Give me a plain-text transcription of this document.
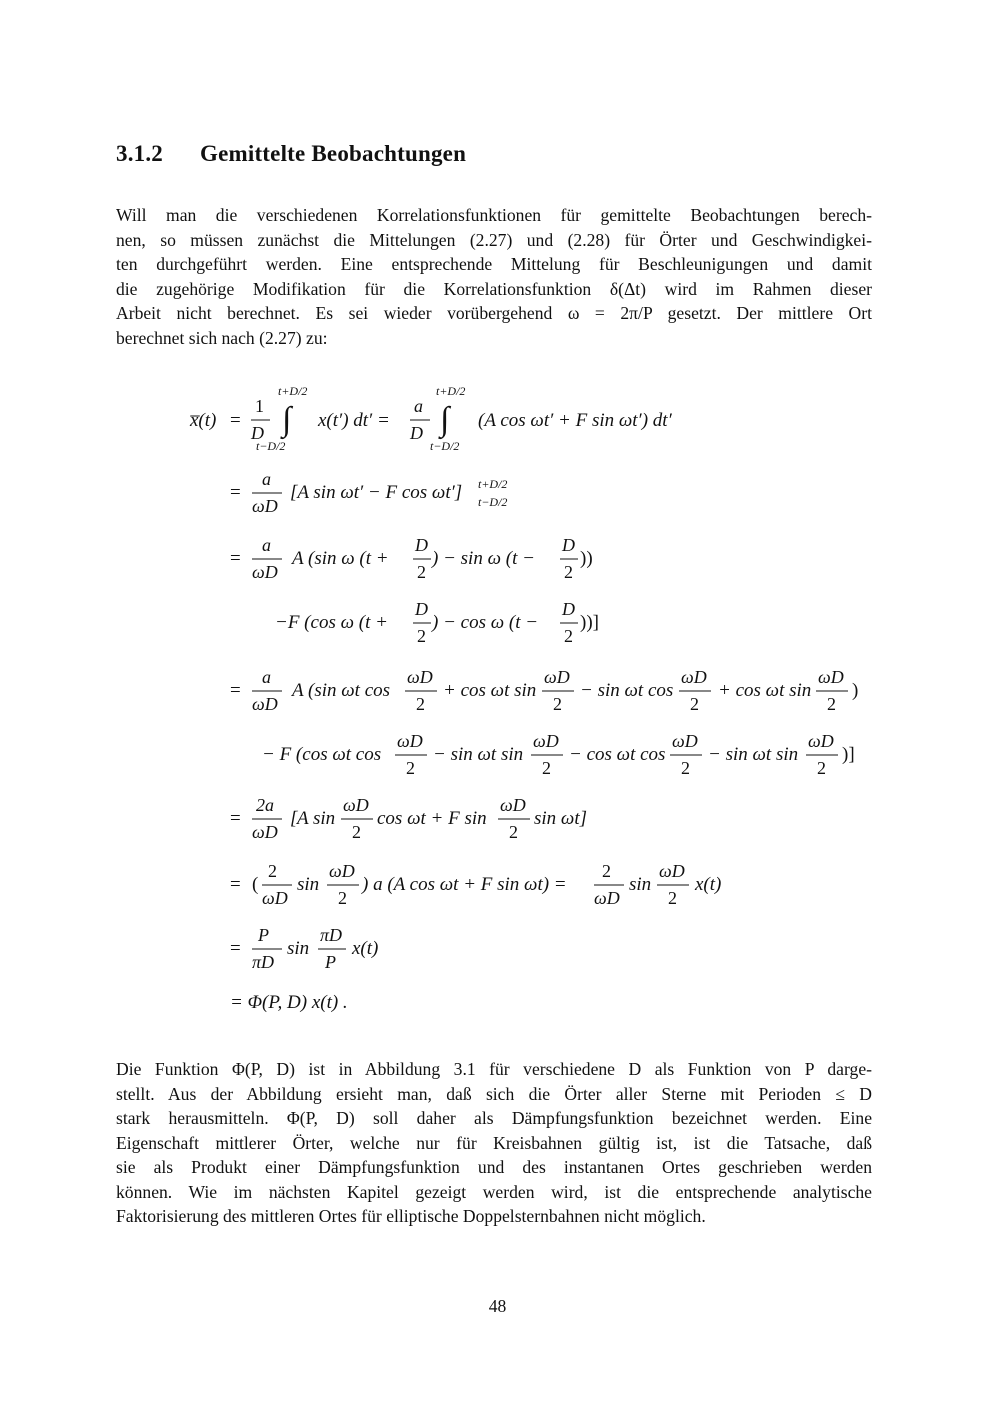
3.1.2 Gemittelte Beobachtungen
Will man die verschiedenen Korrelationsfunktionen für gemittelte Beobachtungen berech-
nen, so müssen zunächst die Mittelungen (2.27) und (2.28) für Örter und Geschwindigkei-
ten durchgeführt werden. Eine entsprechende Mittelung für Beschleunigungen und damit
die zugehörige Modifikation für die Korrelationsfunktion δ(Δt) wird im Rahmen dieser
Arbeit nicht berechnet. Es sei wieder vorübergehend ω = 2π/P gesetzt. Der mittlere Ort
berechnet sich nach (2.27) zu:
x̅(t) =
1
D
t+D/2
∫
t−D/2
x(t′) dt′ =
a
D
t+D/2
∫
t−D/2
(A cos ωt′ + F sin ωt′) dt′
=
a
ωD
[A sin ωt′ − F cos ωt′] t+D/2
t−D/2
=
a
ωD
A (sin ω (t +
D
2
) − sin ω (t −
D
2
))
−F (cos ω (t +
D
2
) − cos ω (t −
D
2
))]
=
a
ωD
A (sin ωt cos
ωD
2
+ cos ωt sin
ωD
2
− sin ωt cos
ωD
2
+ cos ωt sin
ωD
2
)
− F (cos ωt cos
ωD
2
− sin ωt sin
ωD
2
− cos ωt cos
ωD
2
− sin ωt sin
ωD
2
)]
=
2a
ωD
[ A sin
ωD
2
cos ωt + F sin
ωD
2
sin ωt]
= (
2
ωD
sin
ωD
2
) a (A cos ωt + F sin ωt) =
2
ωD
sin
ωD
2
x(t)
=
P
πD
sin
πD
P
x(t)
= Φ(P, D) x(t) .
Die Funktion Φ(P, D) ist in Abbildung 3.1 für verschiedene D als Funktion von P darge-
stellt. Aus der Abbildung ersieht man, daß sich die Örter aller Sterne mit Perioden ≤ D
stark herausmitteln. Φ(P, D) soll daher als Dämpfungsfunktion bezeichnet werden. Eine
Eigenschaft mittlerer Örter, welche nur für Kreisbahnen gültig ist, ist die Tatsache, daß
sie als Produkt einer Dämpfungsfunktion und des instantanen Ortes geschrieben werden
können. Wie im nächsten Kapitel gezeigt werden wird, ist die entsprechende analytische
Faktorisierung des mittleren Ortes für elliptische Doppelsternbahnen nicht möglich.
48
